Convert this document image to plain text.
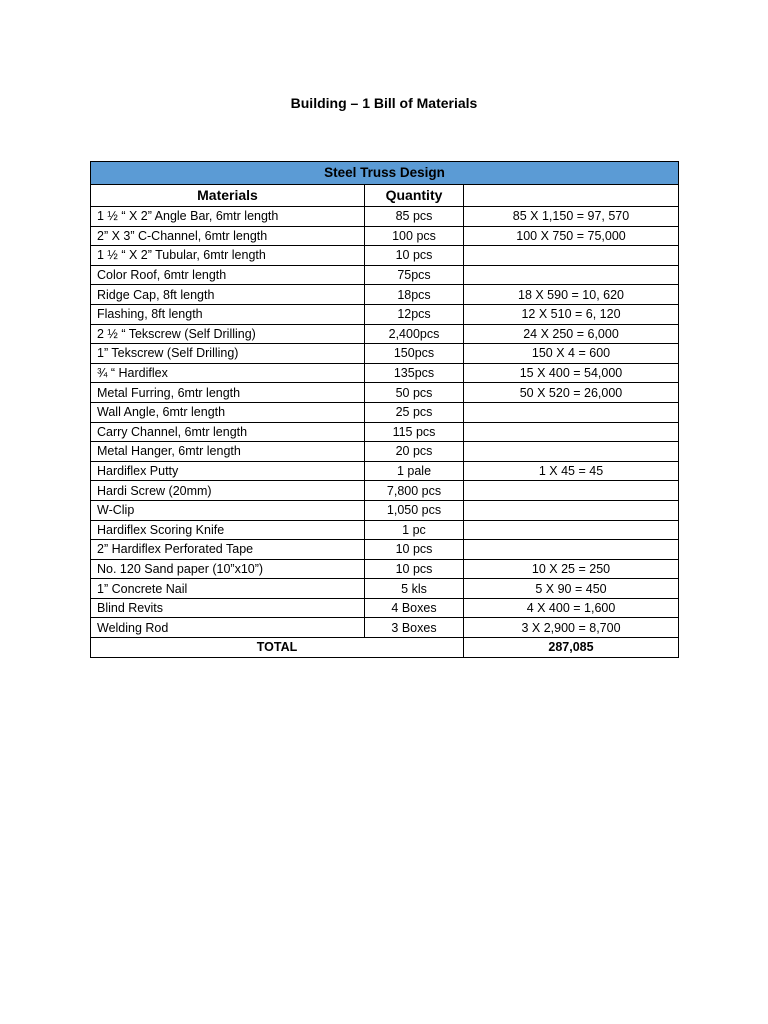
Building – 1 Bill of Materials
Steel Truss Design		
Materials	Quantity	
1 ½ “ X 2” Angle Bar, 6mtr length	85 pcs	85 X 1,150 = 97, 570
2” X 3” C-Channel, 6mtr length	100 pcs	100 X 750 = 75,000
1 ½ “ X 2” Tubular, 6mtr length	10 pcs	
Color Roof, 6mtr length	75pcs	
Ridge Cap, 8ft length	18pcs	18 X 590 = 10, 620
Flashing, 8ft length	12pcs	12 X 510 = 6, 120
2 ½ “ Tekscrew (Self Drilling)	2,400pcs	24 X 250 = 6,000
1” Tekscrew (Self Drilling)	150pcs	150 X 4 = 600
¾ “ Hardiflex	135pcs	15 X 400 = 54,000
Metal Furring, 6mtr length	50 pcs	50 X 520 = 26,000
Wall Angle, 6mtr length	25 pcs	
Carry Channel, 6mtr length	115 pcs	
Metal Hanger, 6mtr length	20 pcs	
Hardiflex Putty	1 pale	1 X 45 = 45
Hardi Screw (20mm)	7,800 pcs	
W-Clip	1,050 pcs	
Hardiflex Scoring Knife	1 pc	
2” Hardiflex Perforated Tape	10 pcs	
No. 120 Sand paper (10”x10”)	10 pcs	10 X 25 = 250
1” Concrete Nail	5 kls	5 X 90 = 450
Blind Revits	4 Boxes	4 X 400 = 1,600
Welding Rod	3 Boxes	3 X 2,900 = 8,700
TOTAL		287,085
